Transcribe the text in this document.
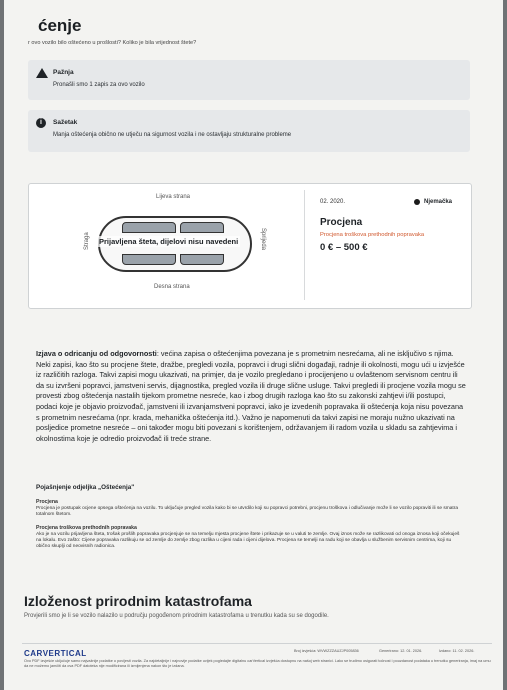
ćenje
r ovo vozilo bilo oštećeno u prošlosti? Koliko je bila vrijednost štete?
Pažnja
Pronašli smo 1 zapis za ovo vozilo
i	Sažetak
Manja oštećenja obično ne utječu na sigurnost vozila i ne ostavljaju strukturalne probleme
Lijeva strana
Desna strana
Straga	Sprijeda
Prijavljena šteta, dijelovi nisu navedeni
02. 2020.	Njemačka
Procjena
Procjena troškova prethodnih popravaka
0 € – 500 €
Izjava o odricanju od odgovornosti: većina zapisa o oštećenjima povezana je s prometnim nesrećama, ali ne isključivo s njima. Neki zapisi, kao što su procjene štete, dražbe, pregledi vozila, popravci i drugi slični događaji, radnje ili okolnosti, mogu ući u izvješće iz različitih razloga. Takvi zapisi mogu ukazivati, na primjer, da je vozilo pregledano i procijenjeno u ovlaštenom servisnom centru ili da su izvršeni popravci, jamstveni servis, dijagnostika, pregled vozila ili druge slične usluge. Takvi pregledi ili procjene vozila mogu se provesti zbog oštećenja nastalih tijekom prometne nesreće, kao i zbog drugih razloga kao što su zakonski zahtjevi i/ili postupci, podaci koje je objavio proizvođač, jamstveni ili izvanjamstveni popravci, iako je izvedenih popravaka ili oštećenja koja nisu povezana s prometnim nesrećama (npr. krada, mehanička oštećenja itd.). Važno je napomenuti da takvi zapisi ne moraju nužno ukazivati na posljedice prometne nesreće – oni također mogu biti povezani s korištenjem, održavanjem ili radom vozila u skladu sa zahtjevima i okolnostima koje je odredio proizvođač ili treće strane.
Pojašnjenje odjeljka „Oštećenja"
Procjena
Procjena je postupak ocjene opsega oštećenja na vozilu. To uključuje pregled vozila kako bi se utvrdilo koji su popravci potrebni, procjenu troškova i odlučivanje može li se vozilo popraviti ili se smatra totalnom štetom.
Procjena troškova prethodnih popravaka
Ako je na vozilu prijavljena šteta, trošak prošlih popravaka procjenjuje se na temelju mjesta procjene štete i prikazuje se u valuti te zemlje. Ovaj iznos može se razlikovati od onoga iznosa koji očekuješ na lokalu. Evo zašto: Cijene popravaka razlikuju se od zemlje do zemlje zbog razlika u cijeni rada i cijeni dijelova. Procjena se temelji na radu koji se obavlja u službenim servisnim centrima, koji su obično skuplji od neovisnih radionica.
Izloženost prirodnim katastrofama
Provjerili smo je li se vozilo nalazilo u području pogođenom prirodnim katastrofama u trenutku kada su se dogodile.
CARVERTICAL	Broj izvješća: WVWZZZAUZJP005836	Generirano: 12. 01. 2026.	Izdano: 11. 02. 2026.
Ovo PDF izvješće uključuje samo najvažnije podatke o povijesti vozila. Za najdetaljnije i najnovije podatke uvijek pogledajte digitalnu carVertical izvješća dostupnu na našoj web stranici. Lako se trudimo osigurati točnost i pouzdanost podataka u trenutku generiranja, imaj na umu da ne možemo jamčiti da ova PDF datoteka nije modificirana ili izmijenjena nakon što je izdana.
